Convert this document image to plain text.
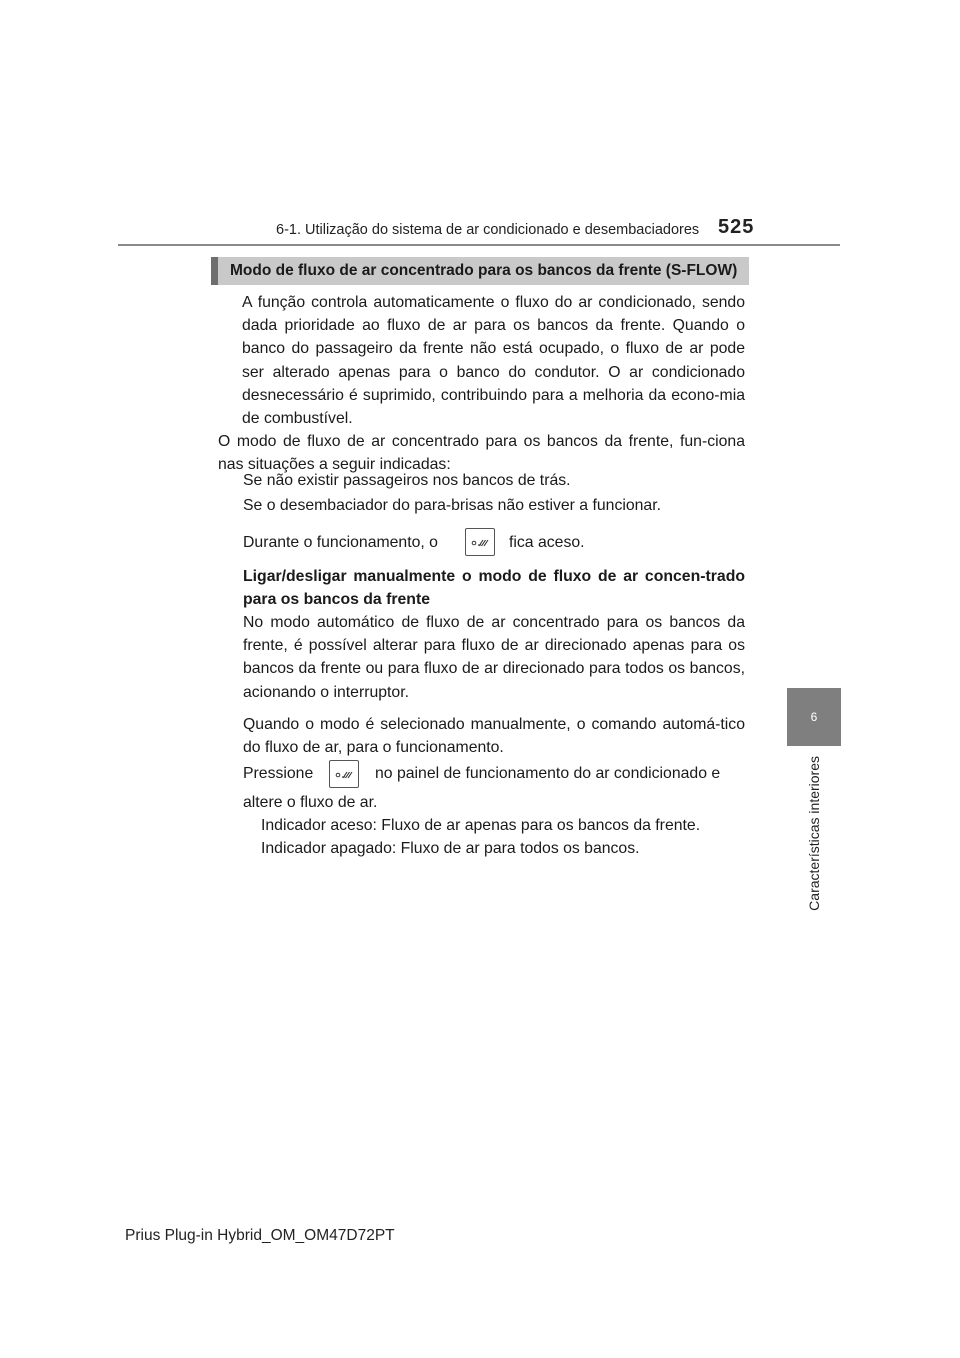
6-1. Utilização do sistema de ar condicionado e desembaciadores 525
6
Características interiores
Modo de fluxo de ar concentrado para os bancos da frente (S-FLOW)

A função controla automaticamente o fluxo do ar condicionado, sendo dada prioridade ao fluxo de ar para os bancos da frente. Quando o banco do passageiro da frente não está ocupado, o fluxo de ar pode ser alterado apenas para o banco do condutor. O ar condicionado desnecessário é suprimido, contribuindo para a melhoria da econo-mia de combustível.

O modo de fluxo de ar concentrado para os bancos da frente, fun-ciona nas situações a seguir indicadas:

Se não existir passageiros nos bancos de trás.

Se o desembaciador do para-brisas não estiver a funcionar.

Durante o funcionamento, o	fica aceso.

Ligar/desligar manualmente o modo de fluxo de ar concen-trado para os bancos da frente

No modo automático de fluxo de ar concentrado para os bancos da frente, é possível alterar para fluxo de ar direcionado apenas para os bancos da frente ou para fluxo de ar direcionado para todos os bancos, acionando o interruptor.

Quando o modo é selecionado manualmente, o comando automá-tico do fluxo de ar, para o funcionamento.

Pressione	no painel de funcionamento do ar condicionado e

altere o fluxo de ar.

Indicador aceso: Fluxo de ar apenas para os bancos da frente.

Indicador apagado: Fluxo de ar para todos os bancos.

Prius Plug-in Hybrid_OM_OM47D72PT
